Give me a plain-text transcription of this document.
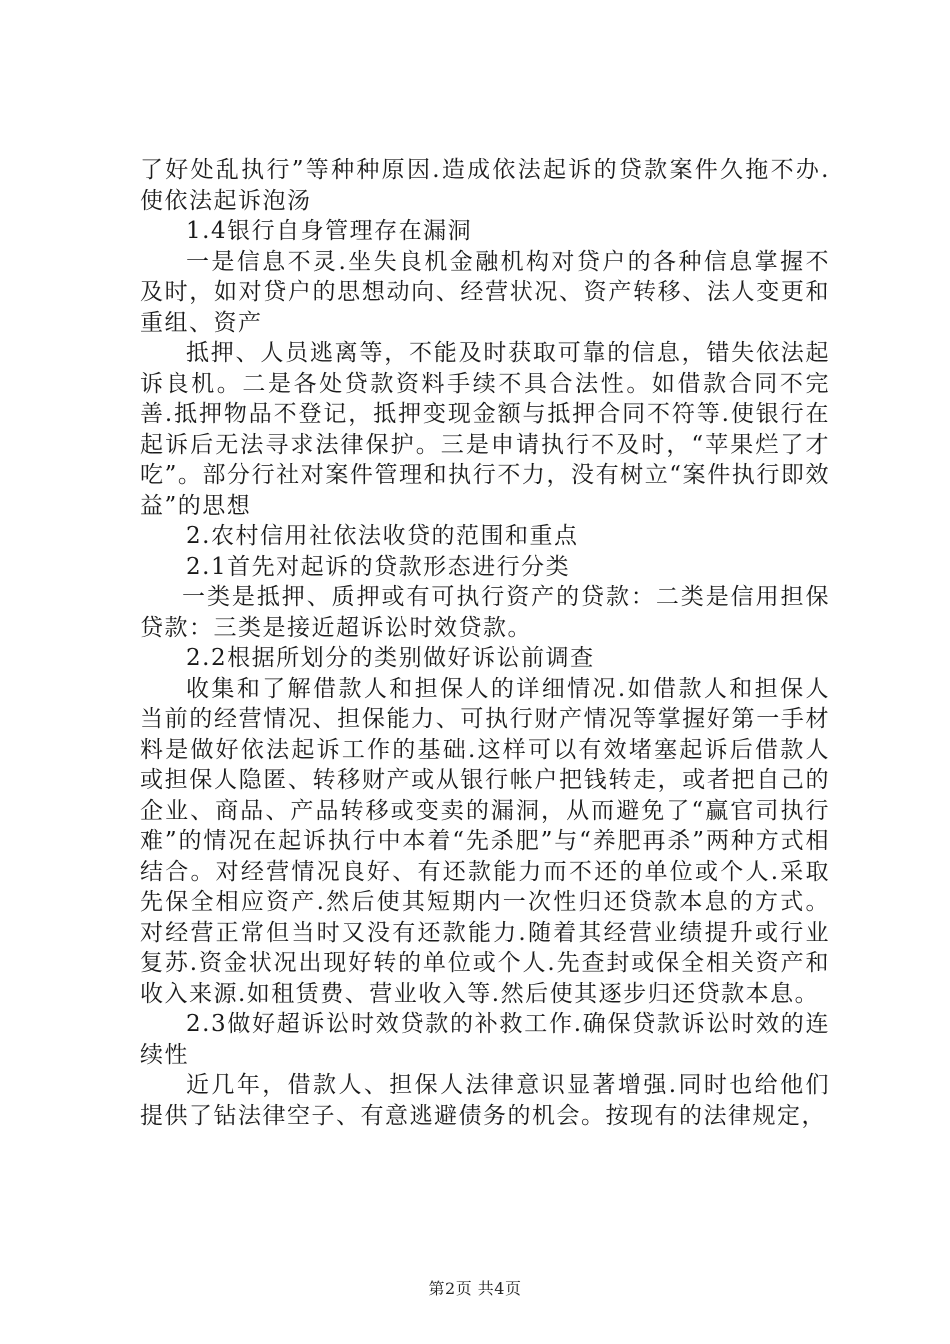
了好处乱执行”等种种原因.造成依法起诉的贷款案件久拖不办.使依法起诉泡汤

1.4银行自身管理存在漏洞

一是信息不灵.坐失良机金融机构对贷户的各种信息掌握不及时，如对贷户的思想动向、经营状况、资产转移、法人变更和重组、资产

抵押、人员逃离等，不能及时获取可靠的信息，错失依法起诉良机。二是各处贷款资料手续不具合法性。如借款合同不完善.抵押物品不登记，抵押变现金额与抵押合同不符等.使银行在起诉后无法寻求法律保护。三是申请执行不及时，“苹果烂了才吃”。部分行社对案件管理和执行不力，没有树立“案件执行即效益”的思想

2.农村信用社依法收贷的范围和重点

2.1首先对起诉的贷款形态进行分类

一类是抵押、质押或有可执行资产的贷款：二类是信用担保贷款：三类是接近超诉讼时效贷款。

2.2根据所划分的类别做好诉讼前调查

收集和了解借款人和担保人的详细情况.如借款人和担保人当前的经营情况、担保能力、可执行财产情况等掌握好第一手材料是做好依法起诉工作的基础.这样可以有效堵塞起诉后借款人或担保人隐匿、转移财产或从银行帐户把钱转走，或者把自己的企业、商品、产品转移或变卖的漏洞，从而避免了“赢官司执行难”的情况在起诉执行中本着“先杀肥”与“养肥再杀”两种方式相结合。对经营情况良好、有还款能力而不还的单位或个人.采取先保全相应资产.然后使其短期内一次性归还贷款本息的方式。对经营正常但当时又没有还款能力.随着其经营业绩提升或行业复苏.资金状况出现好转的单位或个人.先查封或保全相关资产和收入来源.如租赁费、营业收入等.然后使其逐步归还贷款本息。

2.3做好超诉讼时效贷款的补救工作.确保贷款诉讼时效的连续性

近几年，借款人、担保人法律意识显著增强.同时也给他们提供了钻法律空子、有意逃避债务的机会。按现有的法律规定，

第2页 共4页
